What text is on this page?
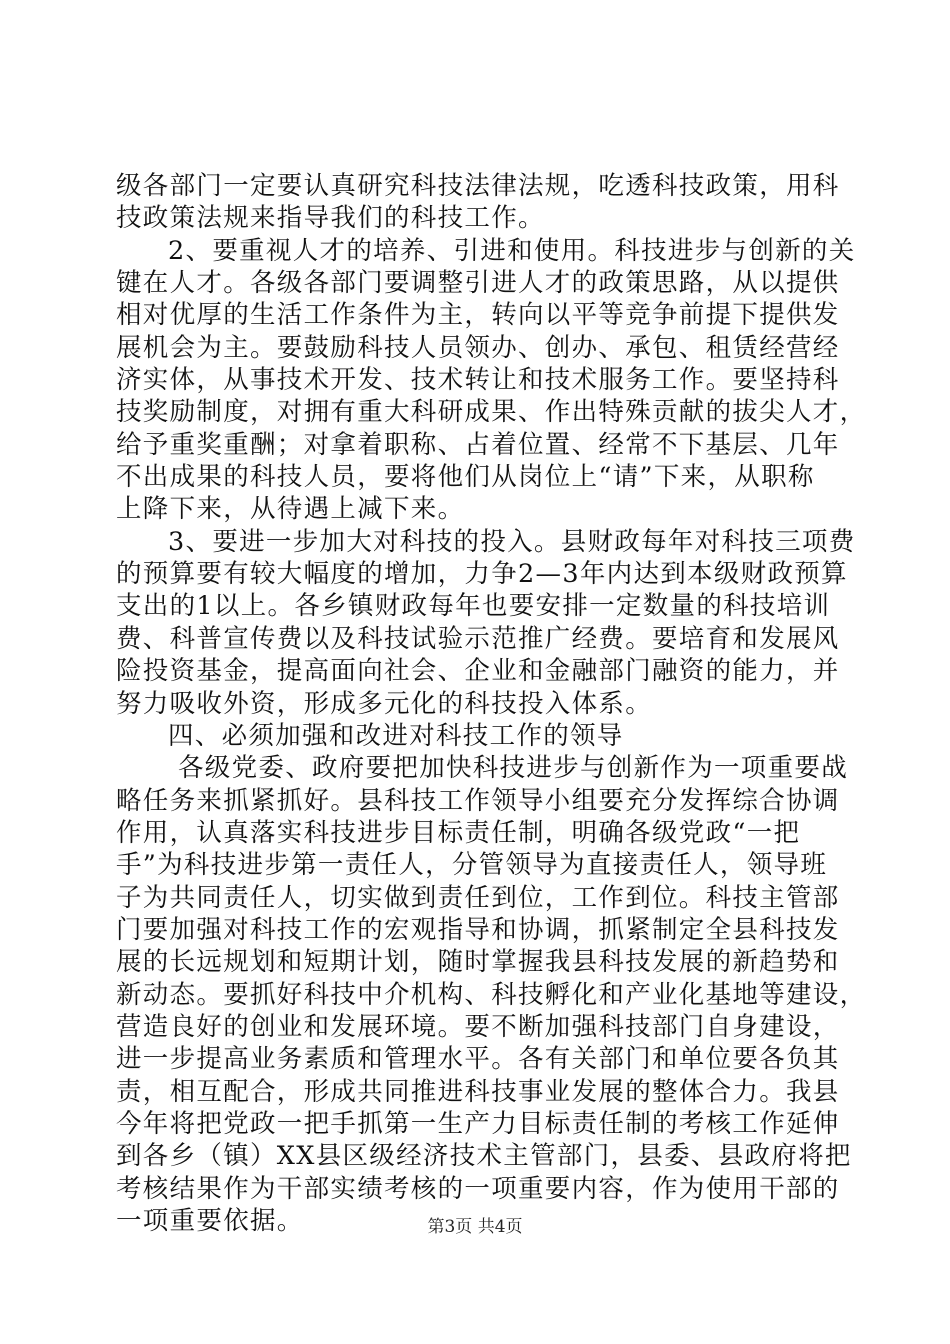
级各部门一定要认真研究科技法律法规，吃透科技政策，用科
技政策法规来指导我们的科技工作。
2、要重视人才的培养、引进和使用。科技进步与创新的关
键在人才。各级各部门要调整引进人才的政策思路，从以提供
相对优厚的生活工作条件为主，转向以平等竞争前提下提供发
展机会为主。要鼓励科技人员领办、创办、承包、租赁经营经
济实体，从事技术开发、技术转让和技术服务工作。要坚持科
技奖励制度，对拥有重大科研成果、作出特殊贡献的拔尖人才，
给予重奖重酬；对拿着职称、占着位置、经常不下基层、几年
不出成果的科技人员，要将他们从岗位上“请”下来，从职称
上降下来，从待遇上减下来。
3、要进一步加大对科技的投入。县财政每年对科技三项费
的预算要有较大幅度的增加，力争2—3年内达到本级财政预算
支出的1以上。各乡镇财政每年也要安排一定数量的科技培训
费、科普宣传费以及科技试验示范推广经费。要培育和发展风
险投资基金，提高面向社会、企业和金融部门融资的能力，并
努力吸收外资，形成多元化的科技投入体系。
四、必须加强和改进对科技工作的领导
各级党委、政府要把加快科技进步与创新作为一项重要战
略任务来抓紧抓好。县科技工作领导小组要充分发挥综合协调
作用，认真落实科技进步目标责任制，明确各级党政“一把
手”为科技进步第一责任人，分管领导为直接责任人，领导班
子为共同责任人，切实做到责任到位，工作到位。科技主管部
门要加强对科技工作的宏观指导和协调，抓紧制定全县科技发
展的长远规划和短期计划，随时掌握我县科技发展的新趋势和
新动态。要抓好科技中介机构、科技孵化和产业化基地等建设，
营造良好的创业和发展环境。要不断加强科技部门自身建设，
进一步提高业务素质和管理水平。各有关部门和单位要各负其
责，相互配合，形成共同推进科技事业发展的整体合力。我县
今年将把党政一把手抓第一生产力目标责任制的考核工作延伸
到各乡（镇）XX县区级经济技术主管部门，县委、县政府将把
考核结果作为干部实绩考核的一项重要内容，作为使用干部的
一项重要依据。	第3页 共4页
